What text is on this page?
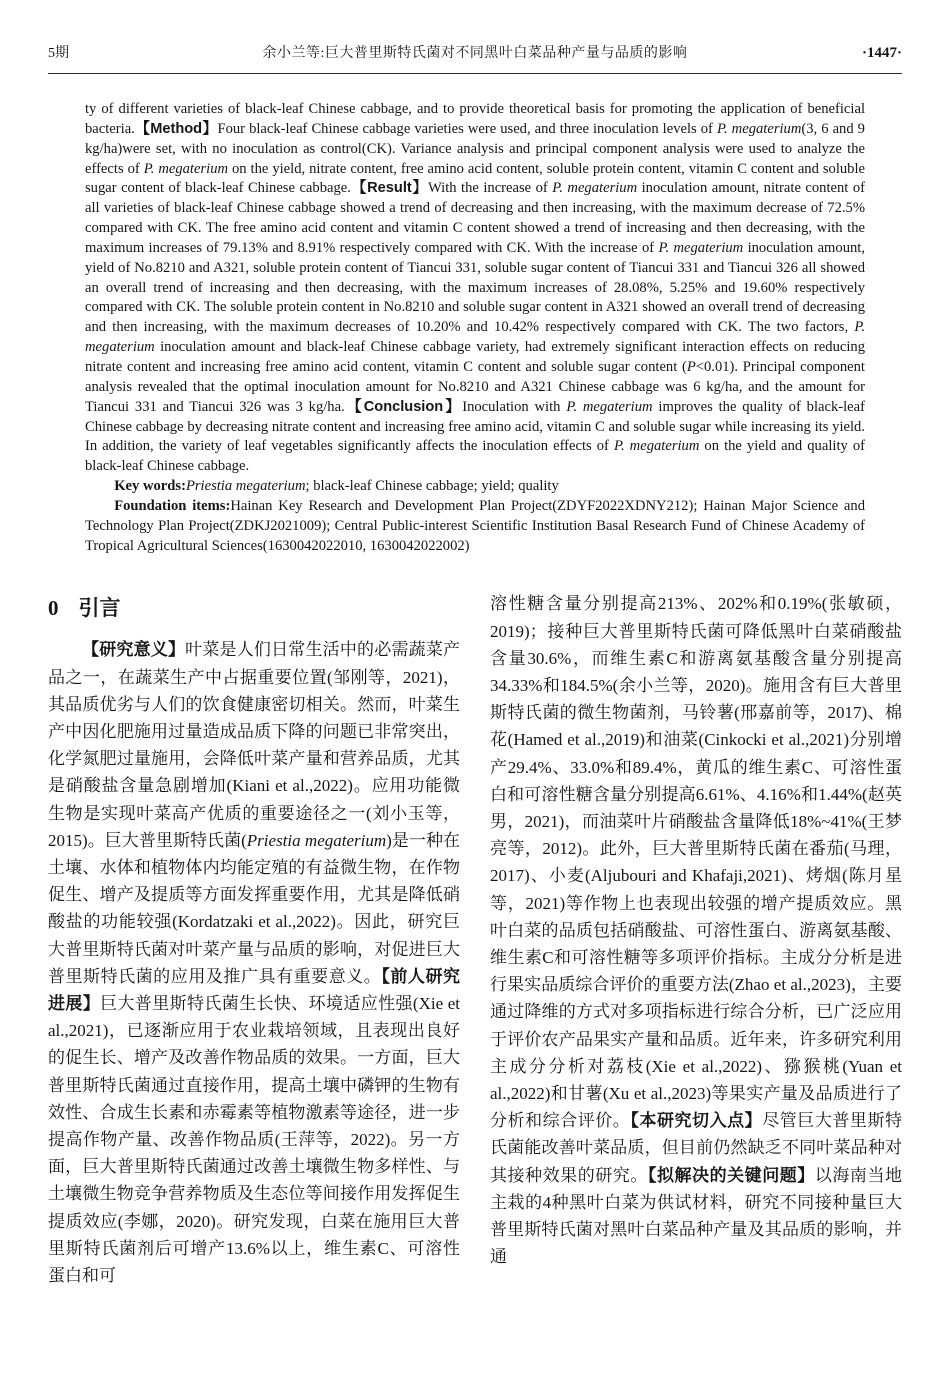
5期	余小兰等:巨大普里斯特氏菌对不同黑叶白菜品种产量与品质的影响	·1447·

ty of different varieties of black-leaf Chinese cabbage, and to provide theoretical basis for promoting the application of beneficial bacteria.【Method】Four black-leaf Chinese cabbage varieties were used, and three inoculation levels of P. megaterium(3, 6 and 9 kg/ha)were set, with no inoculation as control(CK). Variance analysis and principal component analysis were used to analyze the effects of P. megaterium on the yield, nitrate content, free amino acid content, soluble protein content, vitamin C content and soluble sugar content of black-leaf Chinese cabbage.【Result】With the increase of P. megaterium inoculation amount, nitrate content of all varieties of black-leaf Chinese cabbage showed a trend of decreasing and then increasing, with the maximum decrease of 72.5% compared with CK. The free amino acid content and vitamin C content showed a trend of increasing and then decreasing, with the maximum increases of 79.13% and 8.91% respectively compared with CK. With the increase of P. megaterium inoculation amount, yield of No.8210 and A321, soluble protein content of Tiancui 331, soluble sugar content of Tiancui 331 and Tiancui 326 all showed an overall trend of increasing and then decreasing, with the maximum increases of 28.08%, 5.25% and 19.60% respectively compared with CK. The soluble protein content in No.8210 and soluble sugar content in A321 showed an overall trend of decreasing and then increasing, with the maximum decreases of 10.20% and 10.42% respectively compared with CK. The two factors, P. megaterium inoculation amount and black-leaf Chinese cabbage variety, had extremely significant interaction effects on reducing nitrate content and increasing free amino acid content, vitamin C content and soluble sugar content (P<0.01). Principal component analysis revealed that the optimal inoculation amount for No.8210 and A321 Chinese cabbage was 6 kg/ha, and the amount for Tiancui 331 and Tiancui 326 was 3 kg/ha.【Conclusion】Inoculation with P. megaterium improves the quality of black-leaf Chinese cabbage by decreasing nitrate content and increasing free amino acid, vitamin C and soluble sugar while increasing its yield. In addition, the variety of leaf vegetables significantly affects the inoculation effects of P. megaterium on the yield and quality of black-leaf Chinese cabbage.

Key words:Priestia megaterium; black-leaf Chinese cabbage; yield; quality

Foundation items:Hainan Key Research and Development Plan Project(ZDYF2022XDNY212); Hainan Major Science and Technology Plan Project(ZDKJ2021009); Central Public-interest Scientific Institution Basal Research Fund of Chinese Academy of Tropical Agricultural Sciences(1630042022010, 1630042022002)

0 引言

【研究意义】叶菜是人们日常生活中的必需蔬菜产品之一，在蔬菜生产中占据重要位置(邹刚等，2021)，其品质优劣与人们的饮食健康密切相关。然而，叶菜生产中因化肥施用过量造成品质下降的问题已非常突出，化学氮肥过量施用，会降低叶菜产量和营养品质，尤其是硝酸盐含量急剧增加(Kiani et al.,2022)。应用功能微生物是实现叶菜高产优质的重要途径之一(刘小玉等，2015)。巨大普里斯特氏菌(Priestia megaterium)是一种在土壤、水体和植物体内均能定殖的有益微生物，在作物促生、增产及提质等方面发挥重要作用，尤其是降低硝酸盐的功能较强(Kordatzaki et al.,2022)。因此，研究巨大普里斯特氏菌对叶菜产量与品质的影响，对促进巨大普里斯特氏菌的应用及推广具有重要意义。【前人研究进展】巨大普里斯特氏菌生长快、环境适应性强(Xie et al.,2021)，已逐渐应用于农业栽培领域，且表现出良好的促生长、增产及改善作物品质的效果。一方面，巨大普里斯特氏菌通过直接作用，提高土壤中磷钾的生物有效性、合成生长素和赤霉素等植物激素等途径，进一步提高作物产量、改善作物品质(王萍等，2022)。另一方面，巨大普里斯特氏菌通过改善土壤微生物多样性、与土壤微生物竞争营养物质及生态位等间接作用发挥促生提质效应(李娜，2020)。研究发现，白菜在施用巨大普里斯特氏菌剂后可增产13.6%以上，维生素C、可溶性蛋白和可

溶性糖含量分别提高213%、202%和0.19%(张敏硕，2019)；接种巨大普里斯特氏菌可降低黑叶白菜硝酸盐含量30.6%，而维生素C和游离氨基酸含量分别提高34.33%和184.5%(余小兰等，2020)。施用含有巨大普里斯特氏菌的微生物菌剂，马铃薯(邢嘉前等，2017)、棉花(Hamed et al.,2019)和油菜(Cinkocki et al.,2021)分别增产29.4%、33.0%和89.4%，黄瓜的维生素C、可溶性蛋白和可溶性糖含量分别提高6.61%、4.16%和1.44%(赵英男，2021)，而油菜叶片硝酸盐含量降低18%~41%(王梦亮等，2012)。此外，巨大普里斯特氏菌在番茄(马理，2017)、小麦(Aljubouri and Khafaji,2021)、烤烟(陈月星等，2021)等作物上也表现出较强的增产提质效应。黑叶白菜的品质包括硝酸盐、可溶性蛋白、游离氨基酸、维生素C和可溶性糖等多项评价指标。主成分分析是进行果实品质综合评价的重要方法(Zhao et al.,2023)，主要通过降维的方式对多项指标进行综合分析，已广泛应用于评价农产品果实产量和品质。近年来，许多研究利用主成分分析对荔枝(Xie et al.,2022)、猕猴桃(Yuan et al.,2022)和甘薯(Xu et al.,2023)等果实产量及品质进行了分析和综合评价。【本研究切入点】尽管巨大普里斯特氏菌能改善叶菜品质，但目前仍然缺乏不同叶菜品种对其接种效果的研究。【拟解决的关键问题】以海南当地主栽的4种黑叶白菜为供试材料，研究不同接种量巨大普里斯特氏菌对黑叶白菜品种产量及其品质的影响，并通
